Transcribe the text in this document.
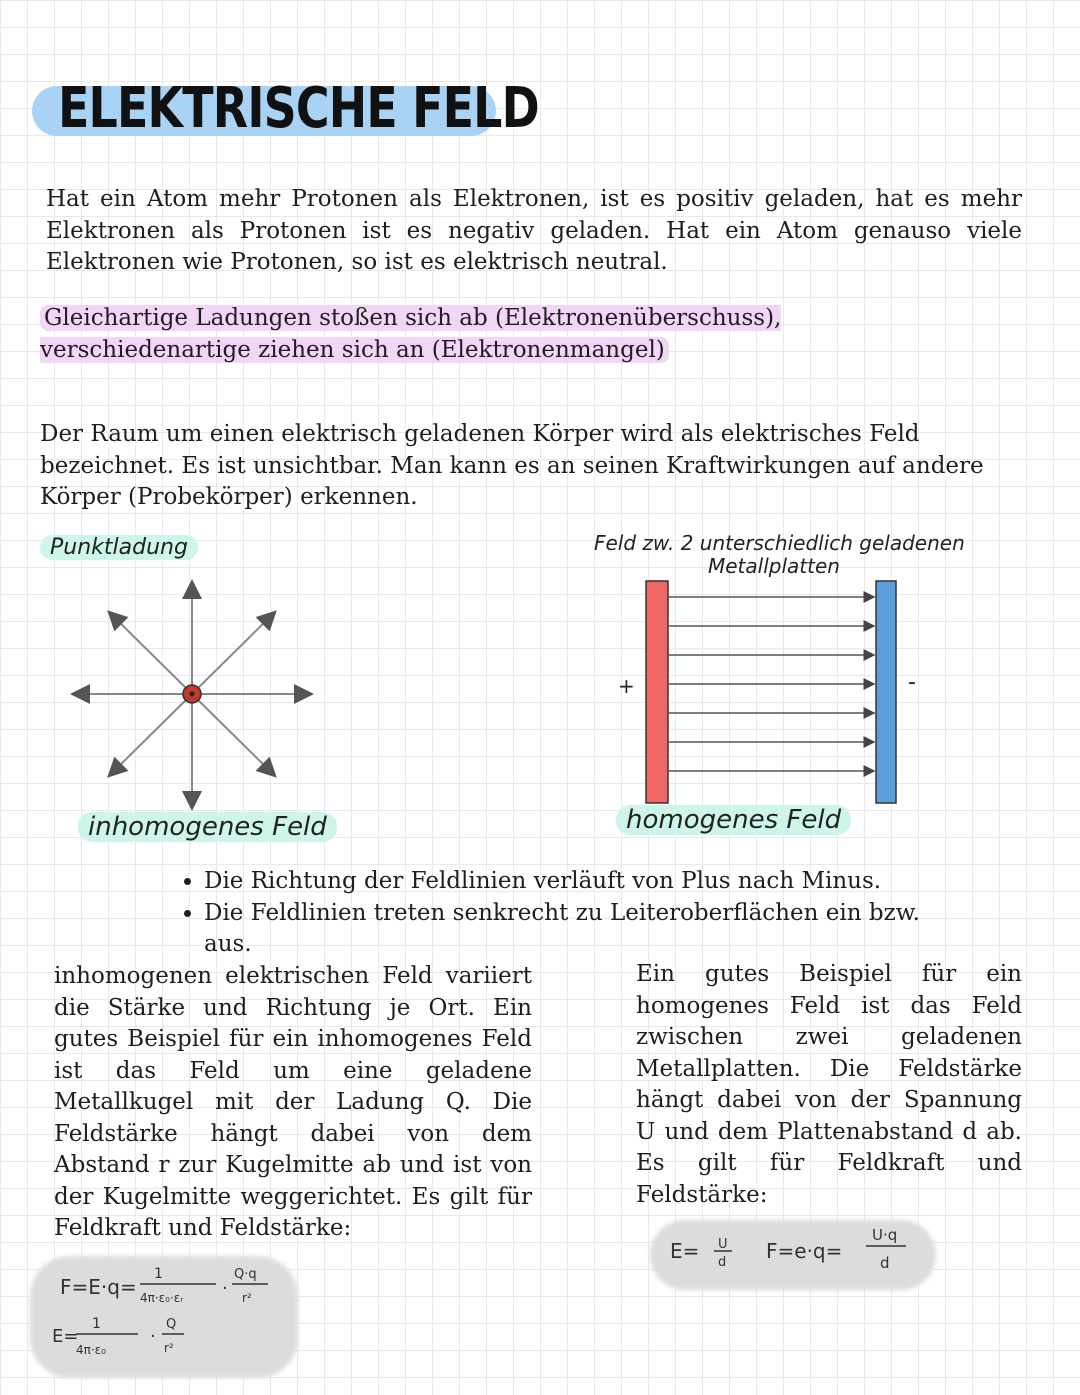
ELEKTRISCHE FELD
Hat ein Atom mehr Protonen als Elektronen, ist es positiv geladen, hat es mehr Elektronen als Protonen ist es negativ geladen. Hat ein Atom genauso viele Elektronen wie Protonen, so ist es elektrisch neutral.
Gleichartige Ladungen stoßen sich ab (Elektronenüberschuss), verschiedenartige ziehen sich an (Elektronenmangel)
Der Raum um einen elektrisch geladenen Körper wird als elektrisches Feld bezeichnet. Es ist unsichtbar. Man kann es an seinen Kraftwirkungen auf andere Körper (Probekörper) erkennen.
Punktladung
inhomogenes Feld
Feld zw. 2 unterschiedlich geladenen
Metallplatten
+	-
homogenes Feld
• Die Richtung der Feldlinien verläuft von Plus nach Minus.
• Die Feldlinien treten senkrecht zu Leiteroberflächen ein bzw. aus.
inhomogenen elektrischen Feld variiert die Stärke und Richtung je Ort. Ein gutes Beispiel für ein inhomogenes Feld ist das Feld um eine geladene Metallkugel mit der Ladung Q. Die Feldstärke hängt dabei von dem Abstand r zur Kugelmitte ab und ist von der Kugelmitte weggerichtet. Es gilt für Feldkraft und Feldstärke:
Ein gutes Beispiel für ein homogenes Feld ist das Feld zwischen zwei geladenen Metallplatten. Die Feldstärke hängt dabei von der Spannung U und dem Plattenabstand d ab. Es gilt für Feldkraft und Feldstärke:
F=E·q=
1
4π·ε₀·εᵣ ·
Q·q
r²
E=
1
4π·ε₀
·
Q
r²
E= U
d F=e·q=
U·q
d
